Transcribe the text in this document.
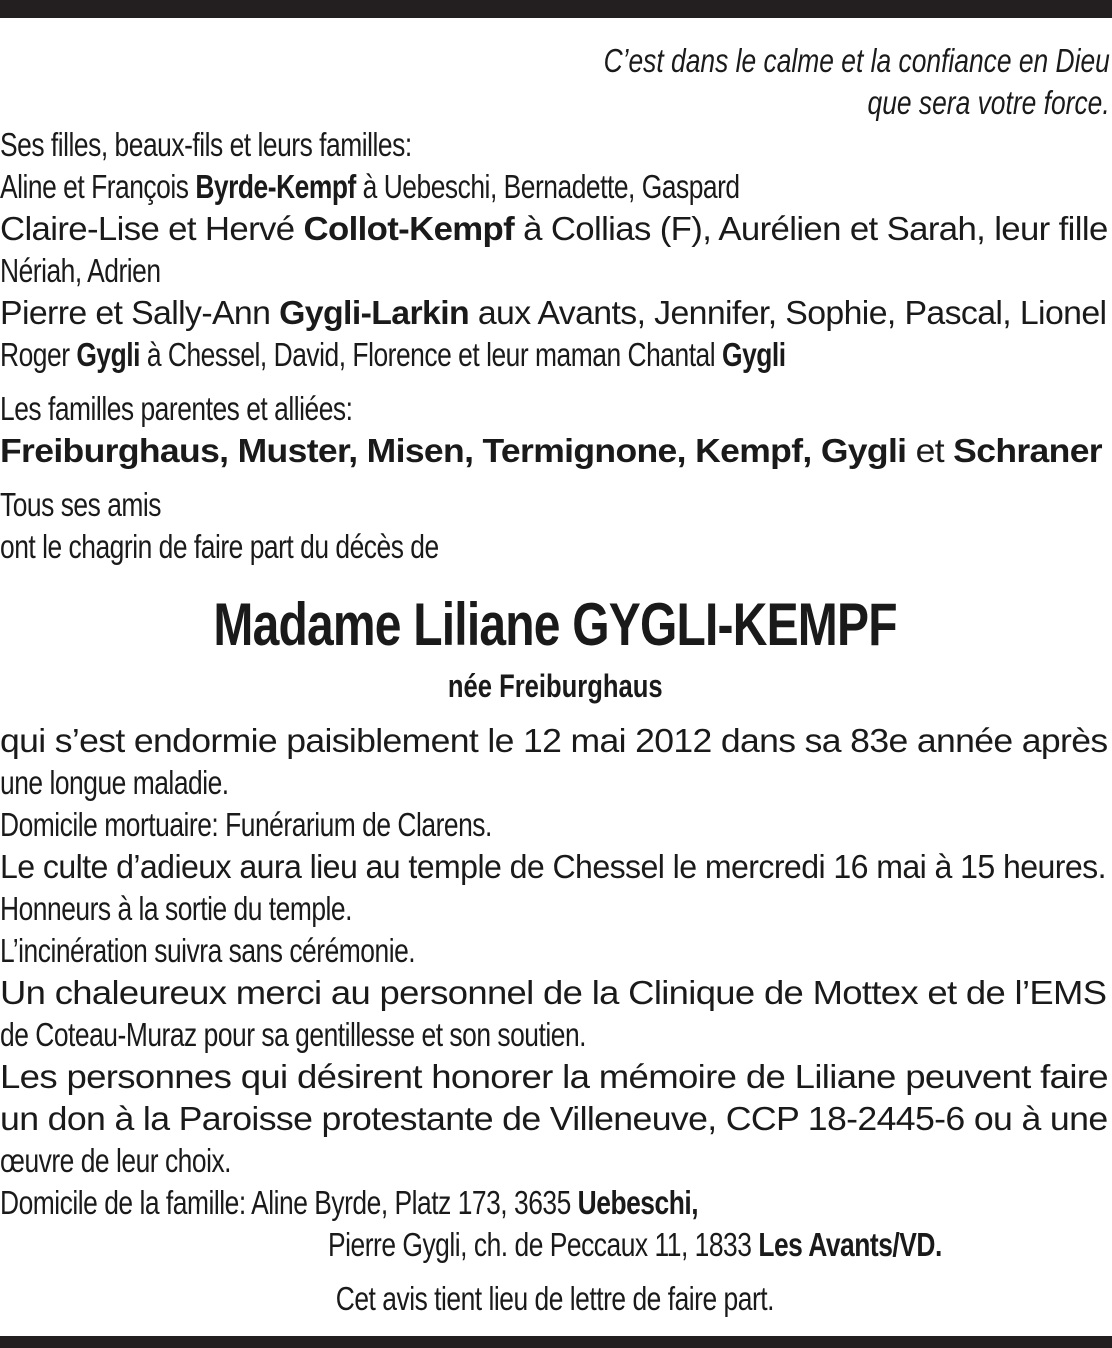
C’est dans le calme et la confiance en Dieu
que sera votre force.
Ses filles, beaux-fils et leurs familles:
Aline et François Byrde-Kempf à Uebeschi, Bernadette, Gaspard
Claire-Lise et Hervé Collot-Kempf à Collias (F), Aurélien et Sarah, leur fille
Nériah, Adrien
Pierre et Sally-Ann Gygli-Larkin aux Avants, Jennifer, Sophie, Pascal, Lionel
Roger Gygli à Chessel, David, Florence et leur maman Chantal Gygli
Les familles parentes et alliées:
Freiburghaus, Muster, Misen, Termignone, Kempf, Gygli et Schraner
Tous ses amis
ont le chagrin de faire part du décès de
Madame Liliane GYGLI-KEMPF
née Freiburghaus
qui s’est endormie paisiblement le 12 mai 2012 dans sa 83e année après
une longue maladie.
Domicile mortuaire: Funérarium de Clarens.
Le culte d’adieux aura lieu au temple de Chessel le mercredi 16 mai à 15 heures.
Honneurs à la sortie du temple.
L’incinération suivra sans cérémonie.
Un chaleureux merci au personnel de la Clinique de Mottex et de l’EMS
de Coteau-Muraz pour sa gentillesse et son soutien.
Les personnes qui désirent honorer la mémoire de Liliane peuvent faire
un don à la Paroisse protestante de Villeneuve, CCP 18-2445-6 ou à une
œuvre de leur choix.
Domicile de la famille: Aline Byrde, Platz 173, 3635 Uebeschi,
Pierre Gygli, ch. de Peccaux 11, 1833 Les Avants/VD.
Cet avis tient lieu de lettre de faire part.
